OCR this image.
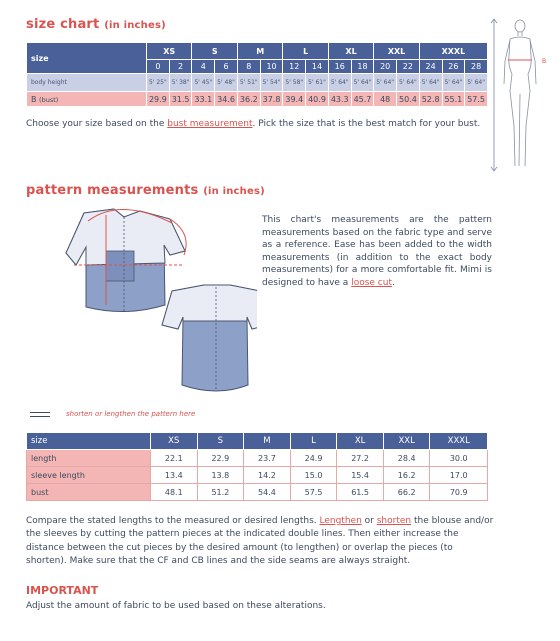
size chart (in inches)
size	XS		S		M		L		XL		XXL		XXXL		
	0	2	4	6	8	10	12	14	16	18	20	22	24	26	28
body height	5' 25"	5' 38"	5' 45"	5' 48"	5' 51"	5' 54"	5' 58"	5' 61"	5' 64"	5' 64"	5' 64"	5' 64"	5' 64"	5' 64"	5' 64"
B (bust)	29.9	31.5	33.1	34.6	36.2	37.8	39.4	40.9	43.3	45.7	48	50.4	52.8	55.1	57.5
Choose your size based on the bust measurement. Pick the size that is the best match for your bust.
B
pattern measurements (in inches)
This chart's measurements are the pattern measurements based on the fabric type and serve as a reference. Ease has been added to the width measurements (in addition to the exact body measurements) for a more comfortable fit. Mimi is designed to have a loose cut.
shorten or lengthen the pattern here
size	XS	S	M	L	XL	XXL	XXXL
length	22.1	22.9	23.7	24.9	27.2	28.4	30.0
sleeve length	13.4	13.8	14.2	15.0	15.4	16.2	17.0
bust	48.1	51.2	54.4	57.5	61.5	66.2	70.9
Compare the stated lengths to the measured or desired lengths. Lengthen or shorten the blouse and/or the sleeves by cutting the pattern pieces at the indicated double lines. Then either increase the distance between the cut pieces by the desired amount (to lengthen) or overlap the pieces (to shorten). Make sure that the CF and CB lines and the side seams are always straight.
IMPORTANT
Adjust the amount of fabric to be used based on these alterations.
